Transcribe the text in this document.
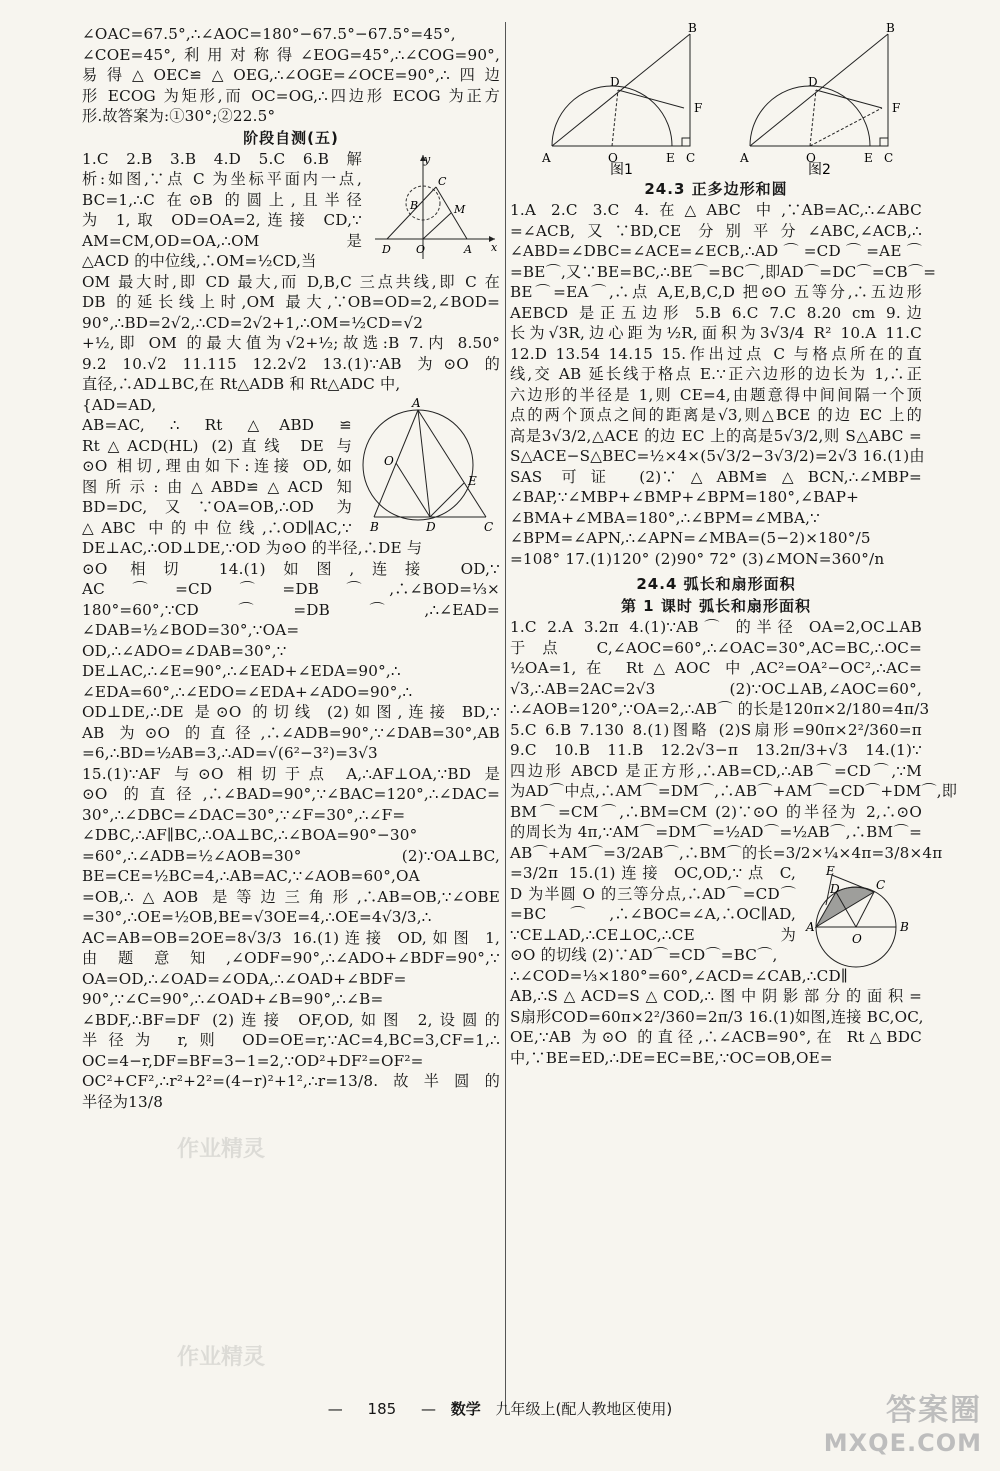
∠OAC=67.5°,∴∠AOC=180°−67.5°−67.5°=45°,
∠COE=45°,利用对称得∠EOG=45°,∴∠COG=90°,
易得△OEC≌△OEG,∴∠OGE=∠OCE=90°,∴四边
形 ECOG 为矩形,而 OC=OG,∴四边形 ECOG 为正方
形.故答案为:①30°;②22.5°
阶段自测(五)
y
x
B
C
M
D O	A
1.C 2.B 3.B 4.D 5.C 6.B 解
析:如图,∵点 C 为坐标平面内一点,
BC=1,∴C 在⊙B 的圆上,且半径
为 1,取 OD=OA=2,连接 CD,∵
AM=CM,OD=OA,∴OM 是
△ACD 的中位线,∴OM=½CD,当
OM 最大时,即 CD 最大,而 D,B,C 三点共线,即 C 在
DB 的延长线上时,OM 最大,∵OB=OD=2,∠BOD=
90°,∴BD=2√2,∴CD=2√2+1,∴OM=½CD=√2
+½,即 OM 的最大值为√2+½;故选:B 7.内 8.50°
9.2 10.√2 11.115 12.2√2 13.(1)∵AB 为⊙O 的
直径,∴AD⊥BC,在 Rt△ADB 和 Rt△ADC 中,
A
O
E
B	D	C
{AD=AD,
AB=AC, ∴ Rt △ABD ≌
Rt△ACD(HL) (2)直线 DE 与
⊙O 相切,理由如下:连接 OD,如
图所示:由△ABD≌△ACD 知
BD=DC,又∵OA=OB,∴OD 为
△ABC 中的中位线,∴OD∥AC,∵
DE⊥AC,∴OD⊥DE,∵OD 为⊙O 的半径,∴DE 与
⊙O 相切 14.(1)如图,连接 OD,∵
AC⌒=CD⌒=DB⌒,∴∠BOD=⅓×
180°=60°,∵CD⌒=DB⌒,∴∠EAD=
∠DAB=½∠BOD=30°,∵OA=
OD,∴∠ADO=∠DAB=30°,∵
DE⊥AC,∴∠E=90°,∴∠EAD+∠EDA=90°,∴
∠EDA=60°,∴∠EDO=∠EDA+∠ADO=90°,∴
OD⊥DE,∴DE 是⊙O 的切线 (2)如图,连接 BD,∵
AB 为⊙O 的直径,∴∠ADB=90°,∵∠DAB=30°,AB
=6,∴BD=½AB=3,∴AD=√(6²−3²)=3√3
15.(1)∵AF 与⊙O 相切于点 A,∴AF⊥OA,∵BD 是
⊙O 的直径,∴∠BAD=90°,∵∠BAC=120°,∴∠DAC=
30°,∴∠DBC=∠DAC=30°,∵∠F=30°,∴∠F=
∠DBC,∴AF∥BC,∴OA⊥BC,∴∠BOA=90°−30°
=60°,∴∠ADB=½∠AOB=30° (2)∵OA⊥BC,
BE=CE=½BC=4,∴AB=AC,∵∠AOB=60°,OA
=OB,∴△AOB 是等边三角形,∴AB=OB,∵∠OBE
=30°,∴OE=½OB,BE=√3OE=4,∴OE=4√3/3,∴
AC=AB=OB=2OE=8√3/3 16.(1)连接 OD,如图 1,
由题意知,∠ODF=90°,∴∠ADO+∠BDF=90°,∵
OA=OD,∴∠OAD=∠ODA,∴∠OAD+∠BDF=
90°,∵∠C=90°,∴∠OAD+∠B=90°,∴∠B=
∠BDF,∴BF=DF (2)连接 OF,OD,如图 2,设圆的
半径为 r,则 OD=OE=r,∵AC=4,BC=3,CF=1,∴
OC=4−r,DF=BF=3−1=2,∵OD²+DF²=OF²=
OC²+CF²,∴r²+2²=(4−r)²+1²,∴r=13/8.故半圆的
半径为13/8
作业精灵
作业精灵
A	O	E C
B
D
F
图1
A	O	E C
B
D
F
图2
24.3 正多边形和圆
1.A 2.C 3.C 4.在△ABC 中,∵AB=AC,∴∠ABC
=∠ACB,又∵BD,CE 分别平分∠ABC,∠ACB,∴
∠ABD=∠DBC=∠ACE=∠ECB,∴AD⌒=CD⌒=AE⌒
=BE⌒,又∵BE=BC,∴BE⌒=BC⌒,即AD⌒=DC⌒=CB⌒=
BE⌒=EA⌒,∴点 A,E,B,C,D 把⊙O 五等分,∴五边形
AEBCD 是正五边形 5.B 6.C 7.C 8.20 cm 9.边
长为√3R,边心距为½R,面积为3√3/4 R² 10.A 11.C
12.D 13.54 14.15 15.作出过点 C 与格点所在的直
线,交 AB 延长线于格点 E.∵正六边形的边长为 1,∴正
六边形的半径是 1,则 CE=4,由题意得中间间隔一个顶
点的两个顶点之间的距离是√3,则△BCE 的边 EC 上的
高是3√3/2,△ACE 的边 EC 上的高是5√3/2,则 S△ABC =
S△ACE−S△BEC=½×4×(5√3/2−3√3/2)=2√3 16.(1)由
SAS 可证 (2)∵△ABM≌△BCN,∴∠MBP=
∠BAP,∵∠MBP+∠BMP+∠BPM=180°,∠BAP+
∠BMA+∠MBA=180°,∴∠BPM=∠MBA,∵
∠BPM=∠APN,∴∠APN=∠MBA=(5−2)×180°/5
=108° 17.(1)120° (2)90° 72° (3)∠MON=360°/n
24.4 弧长和扇形面积
第 1 课时 弧长和扇形面积
1.C 2.A 3.2π 4.(1)∵AB⌒ 的半径 OA=2,OC⊥AB
于点 C,∠AOC=60°,∴∠OAC=30°,AC=BC,∴OC=
½OA=1,在 Rt△AOC 中,AC²=OA²−OC²,∴AC=
√3,∴AB=2AC=2√3 (2)∵OC⊥AB,∠AOC=60°,
∴∠AOB=120°,∵OA=2,∴AB⌒ 的长是120π×2/180=4π/3
5.C 6.B 7.130 8.(1)图略 (2)S扇形=90π×2²/360=π
9.C 10.B 11.B 12.2√3−π 13.2π/3+√3 14.(1)∵
四边形 ABCD 是正方形,∴AB=CD,∴AB⌒=CD⌒,∵M
为AD⌒中点,∴AM⌒=DM⌒,∴AB⌒+AM⌒=CD⌒+DM⌒,即
BM⌒=CM⌒,∴BM=CM (2)∵⊙O 的半径为 2,∴⊙O
的周长为 4π,∵AM⌒=DM⌒=½AD⌒=½AB⌒,∴BM⌒=
AB⌒+AM⌒=3/2AB⌒,∴BM⌒的长=3/2×¼×4π=3/8×4π
E
C
D
A	B
O
=3/2π 15.(1)连接 OC,OD,∵点 C,
D 为半圆 O 的三等分点,∴AD⌒=CD⌒
=BC⌒,∴∠BOC=∠A,∴OC∥AD,
∵CE⊥AD,∴CE⊥OC,∴CE 为
⊙O 的切线 (2)∵AD⌒=CD⌒=BC⌒,
∴∠COD=⅓×180°=60°,∠ACD=∠CAB,∴CD∥
AB,∴S△ACD=S△COD,∴图中阴影部分的面积=
S扇形COD=60π×2²/360=2π/3 16.(1)如图,连接 BC,OC,
OE,∵AB 为⊙O 的直径,∴∠ACB=90°,在 Rt△BDC
中,∵BE=ED,∴DE=EC=BE,∵OC=OB,OE=
— 185 — 数学 九年级上(配人教地区使用)	答案圈
MXQE.COM
